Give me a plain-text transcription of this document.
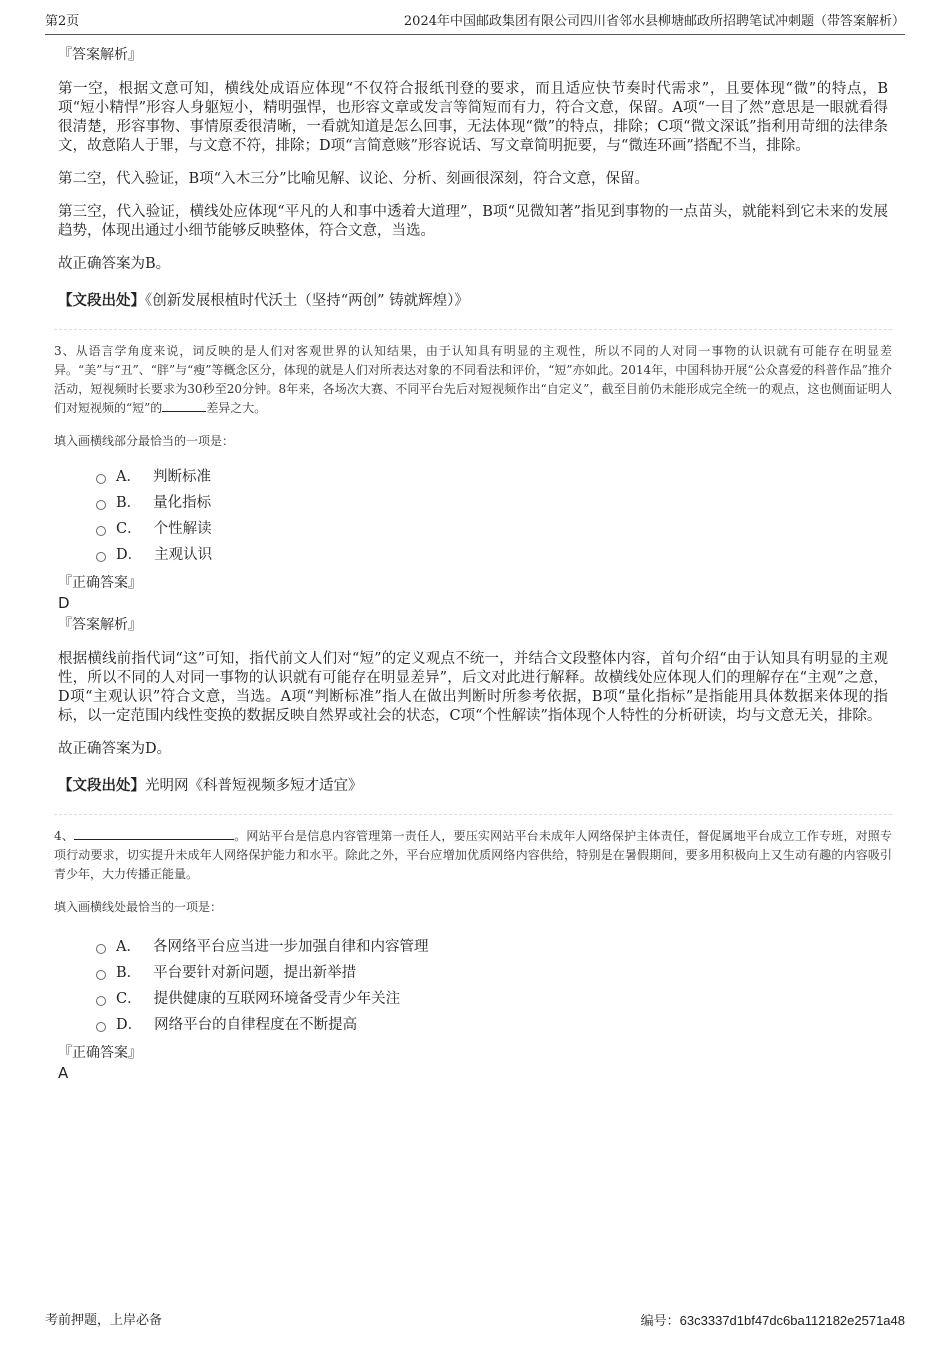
第2页	2024年中国邮政集团有限公司四川省邻水县柳塘邮政所招聘笔试冲刺题（带答案解析）

『答案解析』

第一空，根据文意可知，横线处成语应体现“不仅符合报纸刊登的要求，而且适应快节奏时代需求”，且要体现“微”的特点，B项“短小精悍”形容人身躯短小，精明强悍，也形容文章或发言等简短而有力，符合文意，保留。A项“一目了然”意思是一眼就看得很清楚，形容事物、事情原委很清晰，一看就知道是怎么回事，无法体现“微”的特点，排除；C项“微文深诋”指利用苛细的法律条文，故意陷人于罪，与文意不符，排除；D项“言简意赅”形容说话、写文章简明扼要，与“微连环画”搭配不当，排除。

第二空，代入验证，B项“入木三分”比喻见解、议论、分析、刻画很深刻，符合文意，保留。

第三空，代入验证，横线处应体现“平凡的人和事中透着大道理”，B项“见微知著”指见到事物的一点苗头，就能料到它未来的发展趋势，体现出通过小细节能够反映整体，符合文意，当选。

故正确答案为B。

【文段出处】《创新发展根植时代沃土（坚持“两创” 铸就辉煌）》

3、从语言学角度来说，词反映的是人们对客观世界的认知结果，由于认知具有明显的主观性，所以不同的人对同一事物的认识就有可能存在明显差异。“美”与“丑”、“胖”与“瘦”等概念区分，体现的就是人们对所表达对象的不同看法和评价，“短”亦如此。2014年，中国科协开展“公众喜爱的科普作品”推介活动，短视频时长要求为30秒至20分钟。8年来，各场次大赛、不同平台先后对短视频作出“自定义”，截至目前仍未能形成完全统一的观点，这也侧面证明人们对短视频的“短”的	差异之大。

填入画横线部分最恰当的一项是：

A． 判断标准
B． 量化指标
C． 个性解读
D． 主观认识

『正确答案』

D

『答案解析』

根据横线前指代词“这”可知，指代前文人们对“短”的定义观点不统一，并结合文段整体内容，首句介绍“由于认知具有明显的主观性，所以不同的人对同一事物的认识就有可能存在明显差异”，后文对此进行解释。故横线处应体现人们的理解存在“主观”之意，D项“主观认识”符合文意，当选。A项“判断标准”指人在做出判断时所参考依据，B项“量化指标”是指能用具体数据来体现的指标，以一定范围内线性变换的数据反映自然界或社会的状态，C项“个性解读”指体现个人特性的分析研读，均与文意无关，排除。

故正确答案为D。

【文段出处】光明网《科普短视频多短才适宜》

4、	。网站平台是信息内容管理第一责任人，要压实网站平台未成年人网络保护主体责任，督促属地平台成立工作专班，对照专项行动要求，切实提升未成年人网络保护能力和水平。除此之外，平台应增加优质网络内容供给，特别是在暑假期间，要多用积极向上又生动有趣的内容吸引青少年，大力传播正能量。

填入画横线处最恰当的一项是：

A． 各网络平台应当进一步加强自律和内容管理
B． 平台要针对新问题，提出新举措
C． 提供健康的互联网环境备受青少年关注
D． 网络平台的自律程度在不断提高

『正确答案』

A

考前押题，上岸必备	编号：63c3337d1bf47dc6ba112182e2571a48
